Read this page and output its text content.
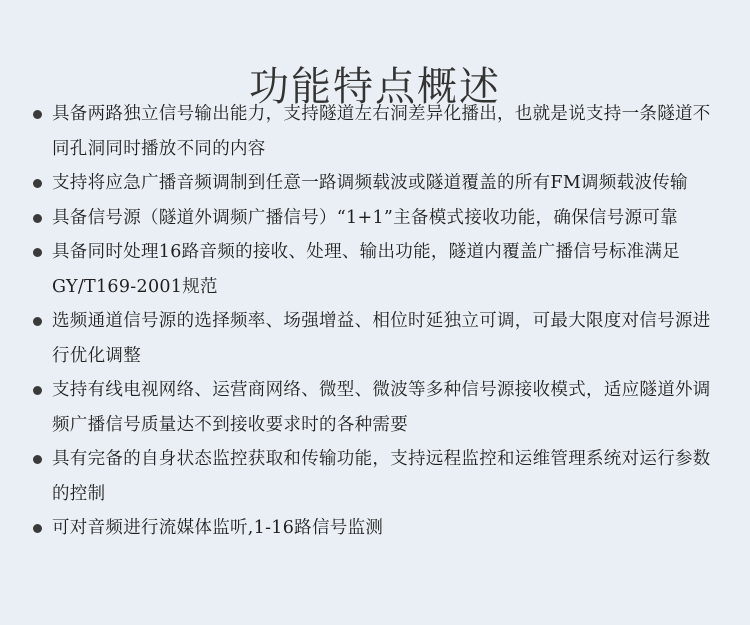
功能特点概述
具备两路独立信号输出能力，支持隧道左右洞差异化播出，也就是说支持一条隧道不同孔洞同时播放不同的内容
支持将应急广播音频调制到任意一路调频载波或隧道覆盖的所有FM调频载波传输
具备信号源（隧道外调频广播信号）“1+1”主备模式接收功能，确保信号源可靠
具备同时处理16路音频的接收、处理、输出功能，隧道内覆盖广播信号标准满足GY/T169-2001规范
选频通道信号源的选择频率、场强增益、相位时延独立可调，可最大限度对信号源进行优化调整
支持有线电视网络、运营商网络、微型、微波等多种信号源接收模式，适应隧道外调频广播信号质量达不到接收要求时的各种需要
具有完备的自身状态监控获取和传输功能，支持远程监控和运维管理系统对运行参数的控制
可对音频进行流媒体监听,1-16路信号监测
